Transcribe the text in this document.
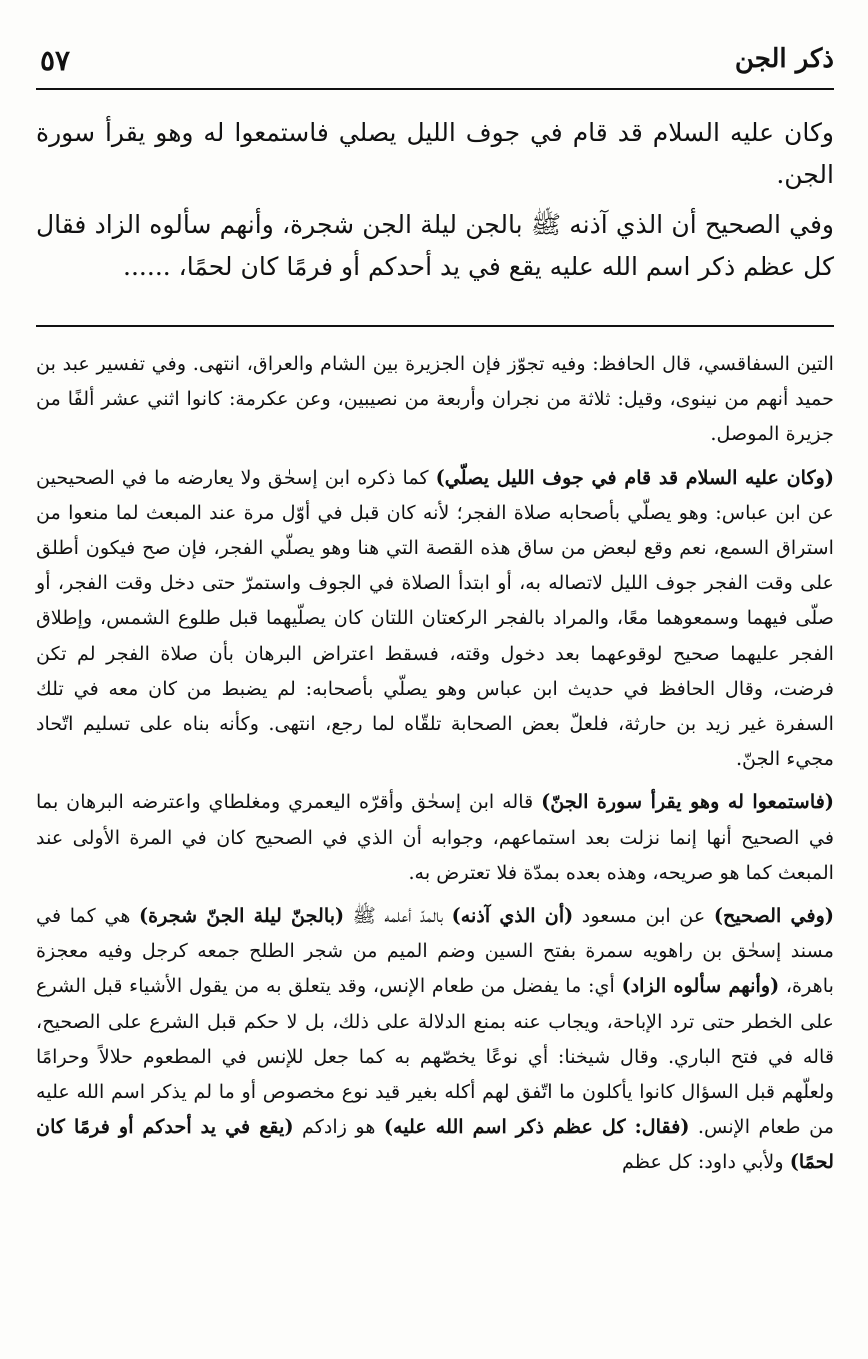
ذكر الجن
٥٧

وكان عليه السلام قد قام في جوف الليل يصلي فاستمعوا له وهو يقرأ سورة الجن.

وفي الصحيح أن الذي آذنه ﷺ بالجن ليلة الجن شجرة، وأنهم سألوه الزاد فقال كل عظم ذكر اسم الله عليه يقع في يد أحدكم أو فرمًا كان لحمًا، ......

التين السفاقسي، قال الحافظ: وفيه تجوّز فإن الجزيرة بين الشام والعراق، انتهى. وفي تفسير عبد بن حميد أنهم من نينوى، وقيل: ثلاثة من نجران وأربعة من نصيبين، وعن عكرمة: كانوا اثني عشر ألفًا من جزيرة الموصل.

(وكان عليه السلام قد قام في جوف الليل يصلّي) كما ذكره ابن إسحٰق ولا يعارضه ما في الصحيحين عن ابن عباس: وهو يصلّي بأصحابه صلاة الفجر؛ لأنه كان قبل في أوّل مرة عند المبعث لما منعوا من استراق السمع، نعم وقع لبعض من ساق هذه القصة التي هنا وهو يصلّي الفجر، فإن صح فيكون أطلق على وقت الفجر جوف الليل لاتصاله به، أو ابتدأ الصلاة في الجوف واستمرّ حتى دخل وقت الفجر، أو صلّى فيهما وسمعوهما معًا، والمراد بالفجر الركعتان اللتان كان يصلّيهما قبل طلوع الشمس، وإطلاق الفجر عليهما صحيح لوقوعهما بعد دخول وقته، فسقط اعتراض البرهان بأن صلاة الفجر لم تكن فرضت، وقال الحافظ في حديث ابن عباس وهو يصلّي بأصحابه: لم يضبط من كان معه في تلك السفرة غير زيد بن حارثة، فلعلّ بعض الصحابة تلقّاه لما رجع، انتهى. وكأنه بناه على تسليم اتّحاد مجيء الجنّ.

(فاستمعوا له وهو يقرأ سورة الجنّ) قاله ابن إسحٰق وأقرّه اليعمري ومغلطاي واعترضه البرهان بما في الصحيح أنها إنما نزلت بعد استماعهم، وجوابه أن الذي في الصحيح كان في المرة الأولى عند المبعث كما هو صريحه، وهذه بعده بمدّة فلا تعترض به.

(وفي الصحيح) عن ابن مسعود (أن الذي آذنه) بالمدّ أعلمه ﷺ (بالجنّ ليلة الجنّ شجرة) هي كما في مسند إسحٰق بن راهويه سمرة بفتح السين وضم الميم من شجر الطلح جمعه كرجل وفيه معجزة باهرة، (وأنهم سألوه الزاد) أي: ما يفضل من طعام الإنس، وقد يتعلق به من يقول الأشياء قبل الشرع على الخطر حتى ترد الإباحة، ويجاب عنه بمنع الدلالة على ذلك، بل لا حكم قبل الشرع على الصحيح، قاله في فتح الباري. وقال شيخنا: أي نوعًا يخصّهم به كما جعل للإنس في المطعوم حلالاً وحرامًا ولعلّهم قبل السؤال كانوا يأكلون ما اتّفق لهم أكله بغير قيد نوع مخصوص أو ما لم يذكر اسم الله عليه من طعام الإنس. (فقال: كل عظم ذكر اسم الله عليه) هو زادكم (يقع في يد أحدكم أو فرمًا كان لحمًا) ولأبي داود: كل عظم
